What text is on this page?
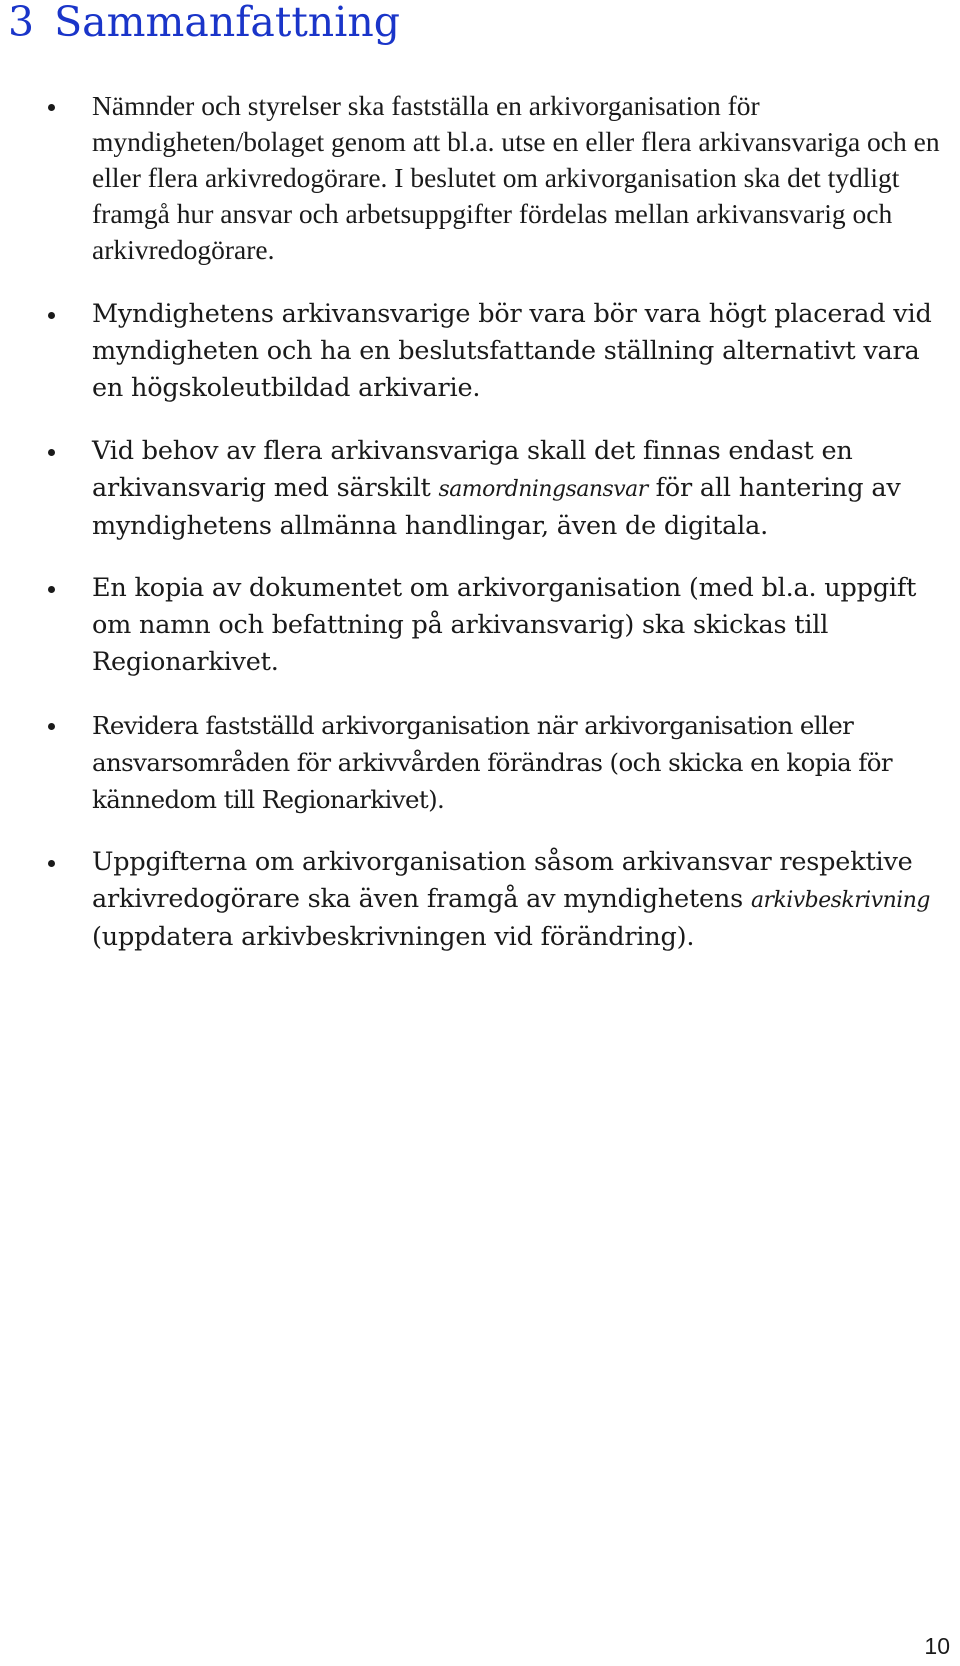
3 Sammanfattning
Nämnder och styrelser ska fastställa en arkivorganisation för myndigheten/bolaget genom att bl.a. utse en eller flera arkivansvariga och en eller flera arkivredogörare. I beslutet om arkivorganisation ska det tydligt framgå hur ansvar och arbetsuppgifter fördelas mellan arkivansvarig och arkivredogörare.
Myndighetens arkivansvarige bör vara bör vara högt placerad vid myndigheten och ha en beslutsfattande ställning alternativt vara en högskoleutbildad arkivarie.
Vid behov av flera arkivansvariga skall det finnas endast en arkivansvarig med särskilt samordningsansvar för all hantering av myndighetens allmänna handlingar, även de digitala.
En kopia av dokumentet om arkivorganisation (med bl.a. uppgift om namn och befattning på arkivansvarig) ska skickas till Regionarkivet.
Revidera fastställd arkivorganisation när arkivorganisation eller ansvarsområden för arkivvården förändras (och skicka en kopia för kännedom till Regionarkivet).
Uppgifterna om arkivorganisation såsom arkivansvar respektive arkivredogörare ska även framgå av myndighetens arkivbeskrivning (uppdatera arkivbeskrivningen vid förändring).
10
